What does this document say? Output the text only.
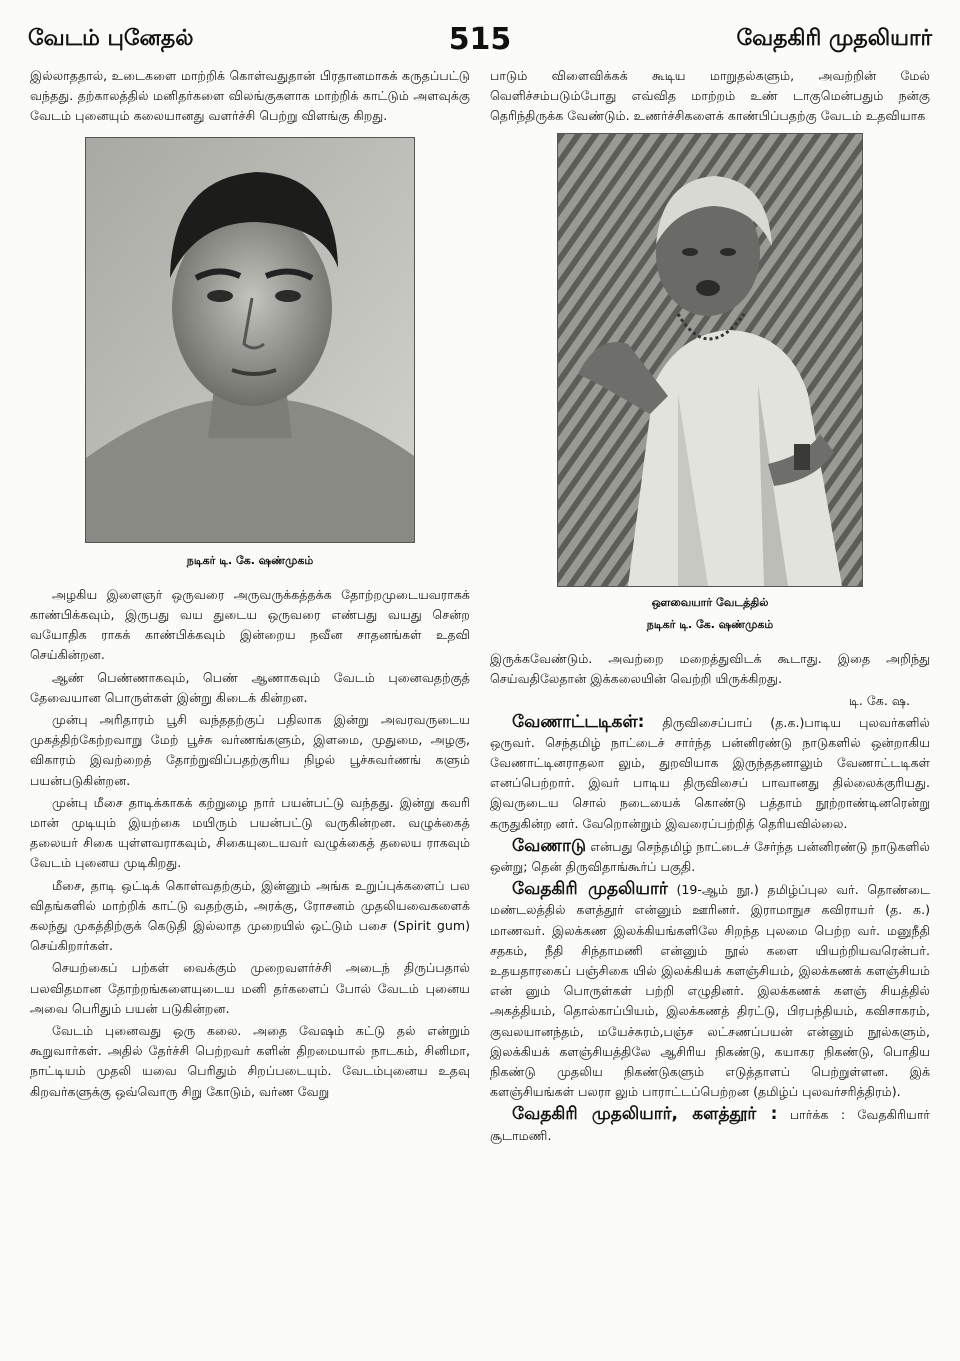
வேடம் புனேதல்	515	வேதகிரி முதலியார்

இல்லாததால், உடைகளை மாற்றிக் கொள்வதுதான் பிரதானமாகக் கருதப்பட்டு வந்தது. தற்காலத்தில் மனிதர்களை விலங்குகளாக மாற்றிக் காட்டும் அளவுக்கு வேடம் புனையும் கலையானது வளர்ச்சி பெற்று விளங்கு கிறது.

நடிகர் டி. கே. ஷண்முகம்

அழகிய இளைஞர் ஒருவரை அருவருக்கத்தக்க தோற்றமுடையவராகக் காண்பிக்கவும், இருபது வய துடைய ஒருவரை எண்பது வயது சென்ற வயோதிக ராகக் காண்பிக்கவும் இன்றைய நவீன சாதனங்கள் உதவி செய்கின்றன.

ஆண் பெண்ணாகவும், பெண் ஆணாகவும் வேடம் புனைவதற்குத் தேவையான பொருள்கள் இன்று கிடைக் கின்றன.

முன்பு அரிதாரம் பூசி வந்ததற்குப் பதிலாக இன்று அவரவருடைய முகத்திற்கேற்றவாறு மேற் பூச்சு வர்ணங்களும், இளமை, முதுமை, அழகு, விகாரம் இவற்றைத் தோற்றுவிப்பதற்குரிய நிழல் பூச்சுவர்ணங் களும் பயன்படுகின்றன.

முன்பு மீசை தாடிக்காகக் கற்றுழை நார் பயன்பட்டு வந்தது. இன்று கவரி மான் முடியும் இயற்கை மயிரும் பயன்பட்டு வருகின்றன. வழுக்கைத் தலையர் சிகை யுள்ளவராகவும், சிகையுடையவர் வழுக்கைத் தலைய ராகவும் வேடம் புனைய முடிகிறது.

மீசை, தாடி ஒட்டிக் கொள்வதற்கும், இன்னும் அங்க உறுப்புக்களைப் பல விதங்களில் மாற்றிக் காட்டு வதற்கும், அரக்கு, ரோசனம் முதலியவைகளைக் கலந்து முகத்திற்குக் கெடுதி இல்லாத முறையில் ஒட்டும் பசை (Spirit gum) செய்கிறார்கள்.

செயற்கைப் பற்கள் வைக்கும் முறைவளர்ச்சி அடைந் திருப்பதால் பலவிதமான தோற்றங்களையுடைய மனி தர்களைப் போல் வேடம் புனைய அவை பெரிதும் பயன் படுகின்றன.

வேடம் புனைவது ஒரு கலை. அதை வேஷம் கட்டு தல் என்றும் கூறுவார்கள். அதில் தேர்ச்சி பெற்றவர் களின் திறமையால் நாடகம், சினிமா, நாட்டியம் முதலி யவை பெரிதும் சிறப்படையும். வேடம்புனைய உதவு கிறவர்களுக்கு ஒவ்வொரு சிறு கோடும், வர்ண வேறு

பாடும் விளைவிக்கக் கூடிய மாறுதல்களும், அவற்றின் மேல் வெளிச்சம்படும்போது எவ்வித மாற்றம் உண் டாகுமென்பதும் நன்கு தெரிந்திருக்க வேண்டும். உணர்ச்சிகளைக் காண்பிப்பதற்கு வேடம் உதவியாக

ஔவையார் வேடத்தில்
நடிகர் டி. கே. ஷண்முகம்

இருக்கவேண்டும். அவற்றை மறைத்துவிடக் கூடாது. இதை அறிந்து செய்வதிலேதான் இக்கலையின் வெற்றி யிருக்கிறது.

டி. கே. ஷ.

வேணாட்டடிகள்: திருவிசைப்பாப் (த.க.)பாடிய புலவர்களில் ஒருவர். செந்தமிழ் நாட்டைச் சார்ந்த பன்னிரண்டு நாடுகளில் ஒன்றாகிய வேணாட்டினராதலா லும், துறவியாக இருந்ததனாலும் வேணாட்டடிகள் எனப்பெற்றார். இவர் பாடிய திருவிசைப் பாவானது தில்லைக்குரியது. இவருடைய சொல் நடையைக் கொண்டு பத்தாம் நூற்றாண்டினரென்று கருதுகின்ற னர். வேறொன்றும் இவரைப்பற்றித் தெரியவில்லை.

வேணாடு என்பது செந்தமிழ் நாட்டைச் சேர்ந்த பன்னிரண்டு நாடுகளில் ஒன்று; தென் திருவிதாங்கூர்ப் பகுதி.

வேதகிரி முதலியார் (19-ஆம் நூ.) தமிழ்ப்புல வர். தொண்டை மண்டலத்தில் களத்தூர் என்னும் ஊரினர். இராமாநுச கவிராயர் (த. க.) மாணவர். இலக்கண இலக்கியங்களிலே சிறந்த புலமை பெற்ற வர். மனுநீதி சதகம், நீதி சிந்தாமணி என்னும் நூல் களை யியற்றியவரென்பர். உதயதாரகைப் பஞ்சிகை யில் இலக்கியக் களஞ்சியம், இலக்கணக் களஞ்சியம் என் னும் பொருள்கள் பற்றி எழுதினர். இலக்கணக் களஞ் சியத்தில் அகத்தியம், தொல்காப்பியம், இலக்கணத் திரட்டு, பிரபந்தியம், கவிசாகரம், குவலயானந்தம், மயேச்சுரம்,பஞ்ச லட்சணப்பயன் என்னும் நூல்களும், இலக்கியக் களஞ்சியத்திலே ஆசிரிய நிகண்டு, கயாகர நிகண்டு, பொதிய நிகண்டு முதலிய நிகண்டுகளும் எடுத்தாளப் பெற்றுள்ளன. இக் களஞ்சியங்கள் பலரா லும் பாராட்டப்பெற்றன (தமிழ்ப் புலவர்சரித்திரம்).

வேதகிரி முதலியார், களத்தூர் : பார்க்க : வேதகிரியார் சூடாமணி.
